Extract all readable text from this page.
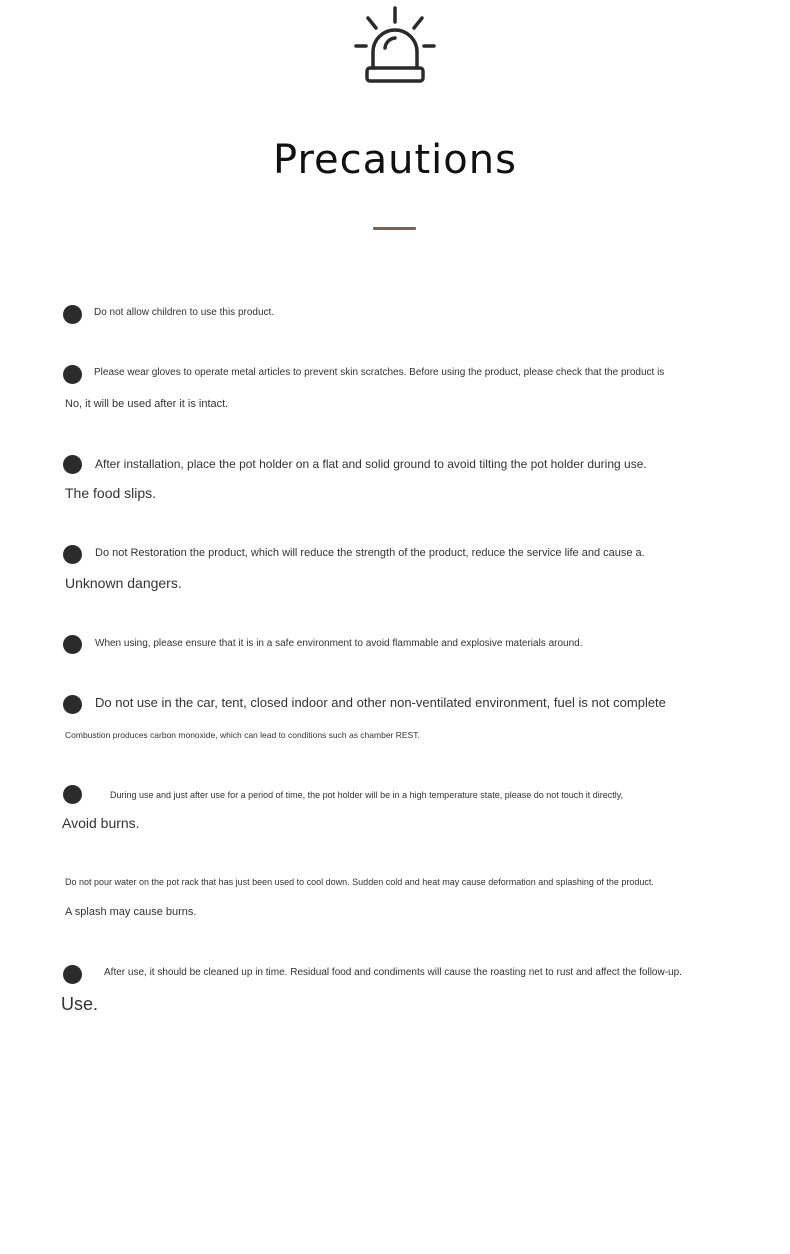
Precautions
Do not allow children to use this product.
Please wear gloves to operate metal articles to prevent skin scratches. Before using the product, please check that the product is
No, it will be used after it is intact.
After installation, place the pot holder on a flat and solid ground to avoid tilting the pot holder during use.
The food slips.
Do not Restoration the product, which will reduce the strength of the product, reduce the service life and cause a.
Unknown dangers.
When using, please ensure that it is in a safe environment to avoid flammable and explosive materials around.
Do not use in the car, tent, closed indoor and other non-ventilated environment, fuel is not complete
Combustion produces carbon monoxide, which can lead to conditions such as chamber REST.
During use and just after use for a period of time, the pot holder will be in a high temperature state, please do not touch it directly,
Avoid burns.
Do not pour water on the pot rack that has just been used to cool down. Sudden cold and heat may cause deformation and splashing of the product.
A splash may cause burns.
After use, it should be cleaned up in time. Residual food and condiments will cause the roasting net to rust and affect the follow-up.
Use.
